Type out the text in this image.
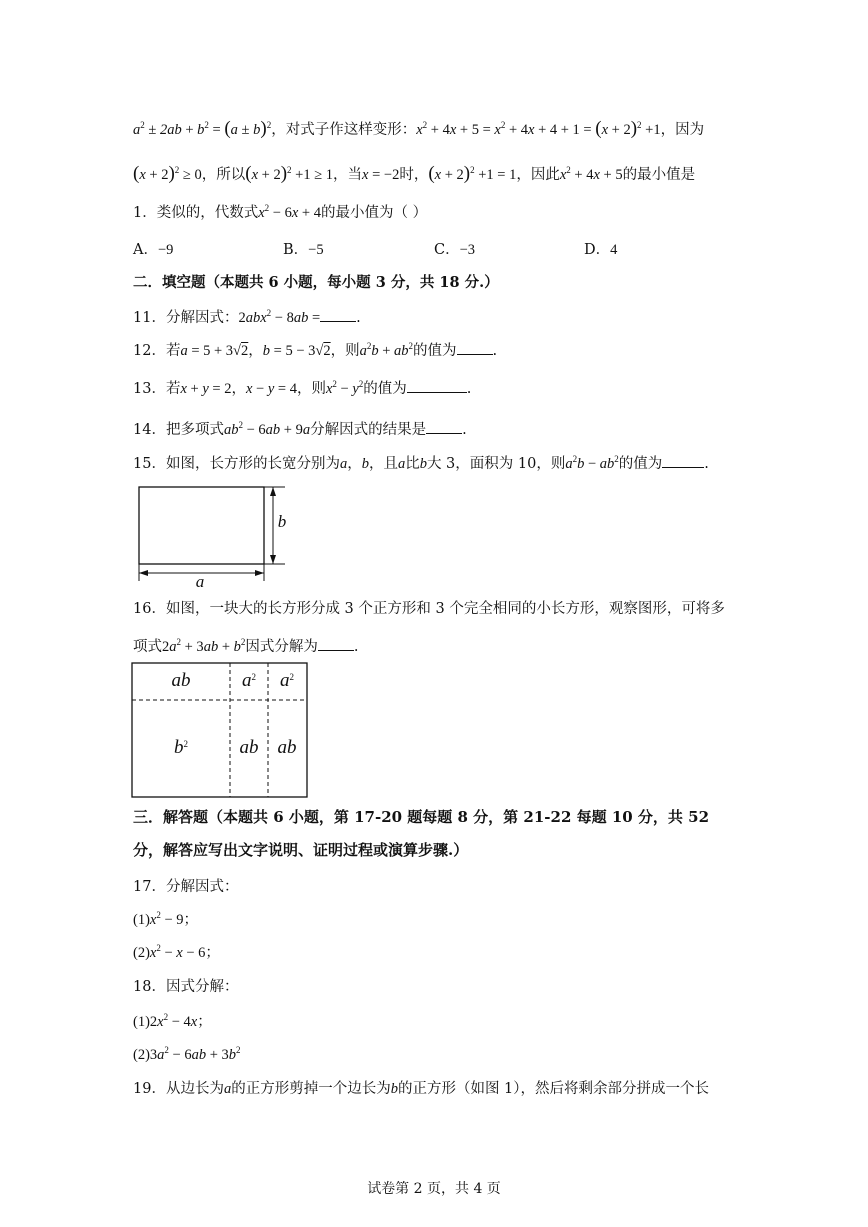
$a^2 \pm 2ab + b^2 = (a \pm b)^2$，对式子作这样变形：$x^2 + 4x + 5 = x^2 + 4x + 4 + 1 = (x + 2)^2 +1$，因为
$(x + 2)^2 \ge 0$，所以$(x + 2)^2 +1 \ge 1$，当x = −2时，$(x + 2)^2 +1 = 1$，因此$x^2 + 4x + 5$的最小值是
1．类似的，代数式$x^2 - 6x + 4$的最小值为（ ）
A．−9	B．−5	C．−3	D．4
二．填空题（本题共 6 小题，每小题 3 分，共 18 分.）
11．分解因式：2abx$^2$ − 8ab = .
12．若a = 5 + 3√2，b = 5 − 3√2，则$a^2b + ab^2$的值为 .
13．若x + y = 2，x − y = 4，则$x^2 - y^2$的值为	.
14．把多项式$ab^2 - 6ab + 9a$分解因式的结果是 .
15．如图，长方形的长宽分别为a，b，且a比b大 3，面积为 10，则$a^2b - ab^2$的值为	.
a
b
16．如图，一块大的长方形分成 3 个正方形和 3 个完全相同的小长方形，观察图形，可将多
项式$2a^2 + 3ab + b^2$因式分解为 .
ab	$a^2$	$a^2$
$b^2$	ab	ab
三．解答题（本题共 6 小题，第 17-20 题每题 8 分，第 21-22 每题 10 分，共 52
分，解答应写出文字说明、证明过程或演算步骤.）
17．分解因式：
$(1)x^2 - 9$；
$(2)x^2 - x - 6$；
18．因式分解：
$(1)2x^2 - 4x$；
$(2)3a^2 - 6ab + 3b^2$
19．从边长为a的正方形剪掉一个边长为b的正方形（如图 1），然后将剩余部分拼成一个长
试卷第 2 页，共 4 页
